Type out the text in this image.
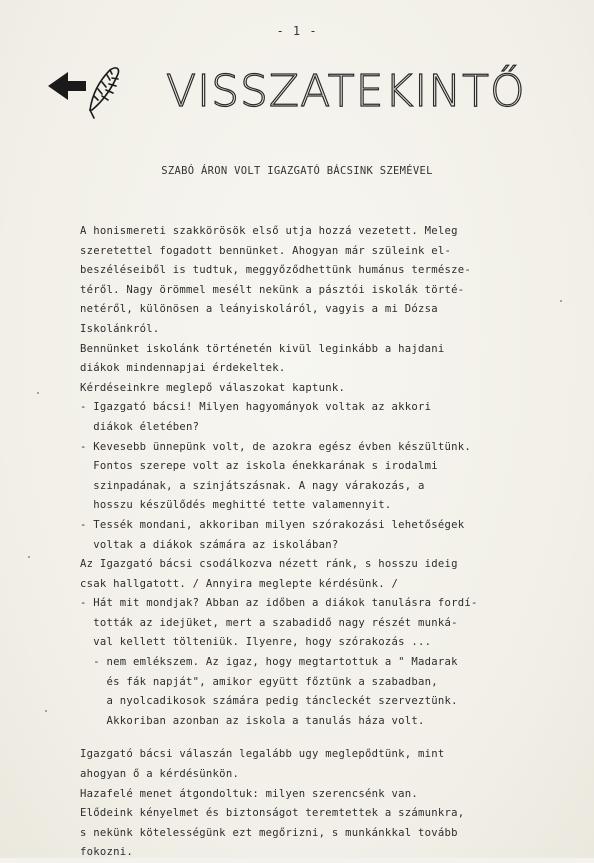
- 1 -
VISSZATEKINTŐ
SZABÓ ÁRON VOLT IGAZGATÓ BÁCSINK SZEMÉVEL
A honismereti szakkörösök első utja hozzá vezetett. Meleg
szeretettel fogadott bennünket. Ahogyan már szüleink el-
beszéléseiből is tudtuk, meggyőződhettünk humánus természe-
téről. Nagy örömmel mesélt nekünk a pásztói iskolák törté-
netéről, különösen a leányiskoláról, vagyis a mi Dózsa
Iskolánkról.
Bennünket iskolánk történetén kivül leginkább a hajdani
diákok mindennapjai érdekeltek.
Kérdéseinkre meglepő válaszokat kaptunk.
- Igazgató bácsi! Milyen hagyományok voltak az akkori
diákok életében?
- Kevesebb ünnepünk volt, de azokra egész évben készültünk.
Fontos szerepe volt az iskola énekkarának s irodalmi
szinpadának, a szinjátszásnak. A nagy várakozás, a
hosszu készülődés meghitté tette valamennyit.
- Tessék mondani, akkoriban milyen szórakozási lehetőségek
voltak a diákok számára az iskolában?
Az Igazgató bácsi csodálkozva nézett ránk, s hosszu ideig
csak hallgatott. / Annyira meglepte kérdésünk. /
- Hát mit mondjak? Abban az időben a diákok tanulásra fordí-
tották az idejüket, mert a szabadidő nagy részét munká-
val kellett tölteniük. Ilyenre, hogy szórakozás ...
- nem emlékszem. Az igaz, hogy megtartottuk a " Madarak
és fák napját", amikor együtt főztünk a szabadban,
a nyolcadikosok számára pedig táncleckét szerveztünk.
Akkoriban azonban az iskola a tanulás háza volt.
Igazgató bácsi válaszán legalább ugy meglepődtünk, mint
ahogyan ő a kérdésünkön.
Hazafelé menet átgondoltuk: milyen szerencsénk van.
Elődeink kényelmet és biztonságot teremtettek a számunkra,
s nekünk kötelességünk ezt megőrizni, s munkánkkal tovább
fokozni.
